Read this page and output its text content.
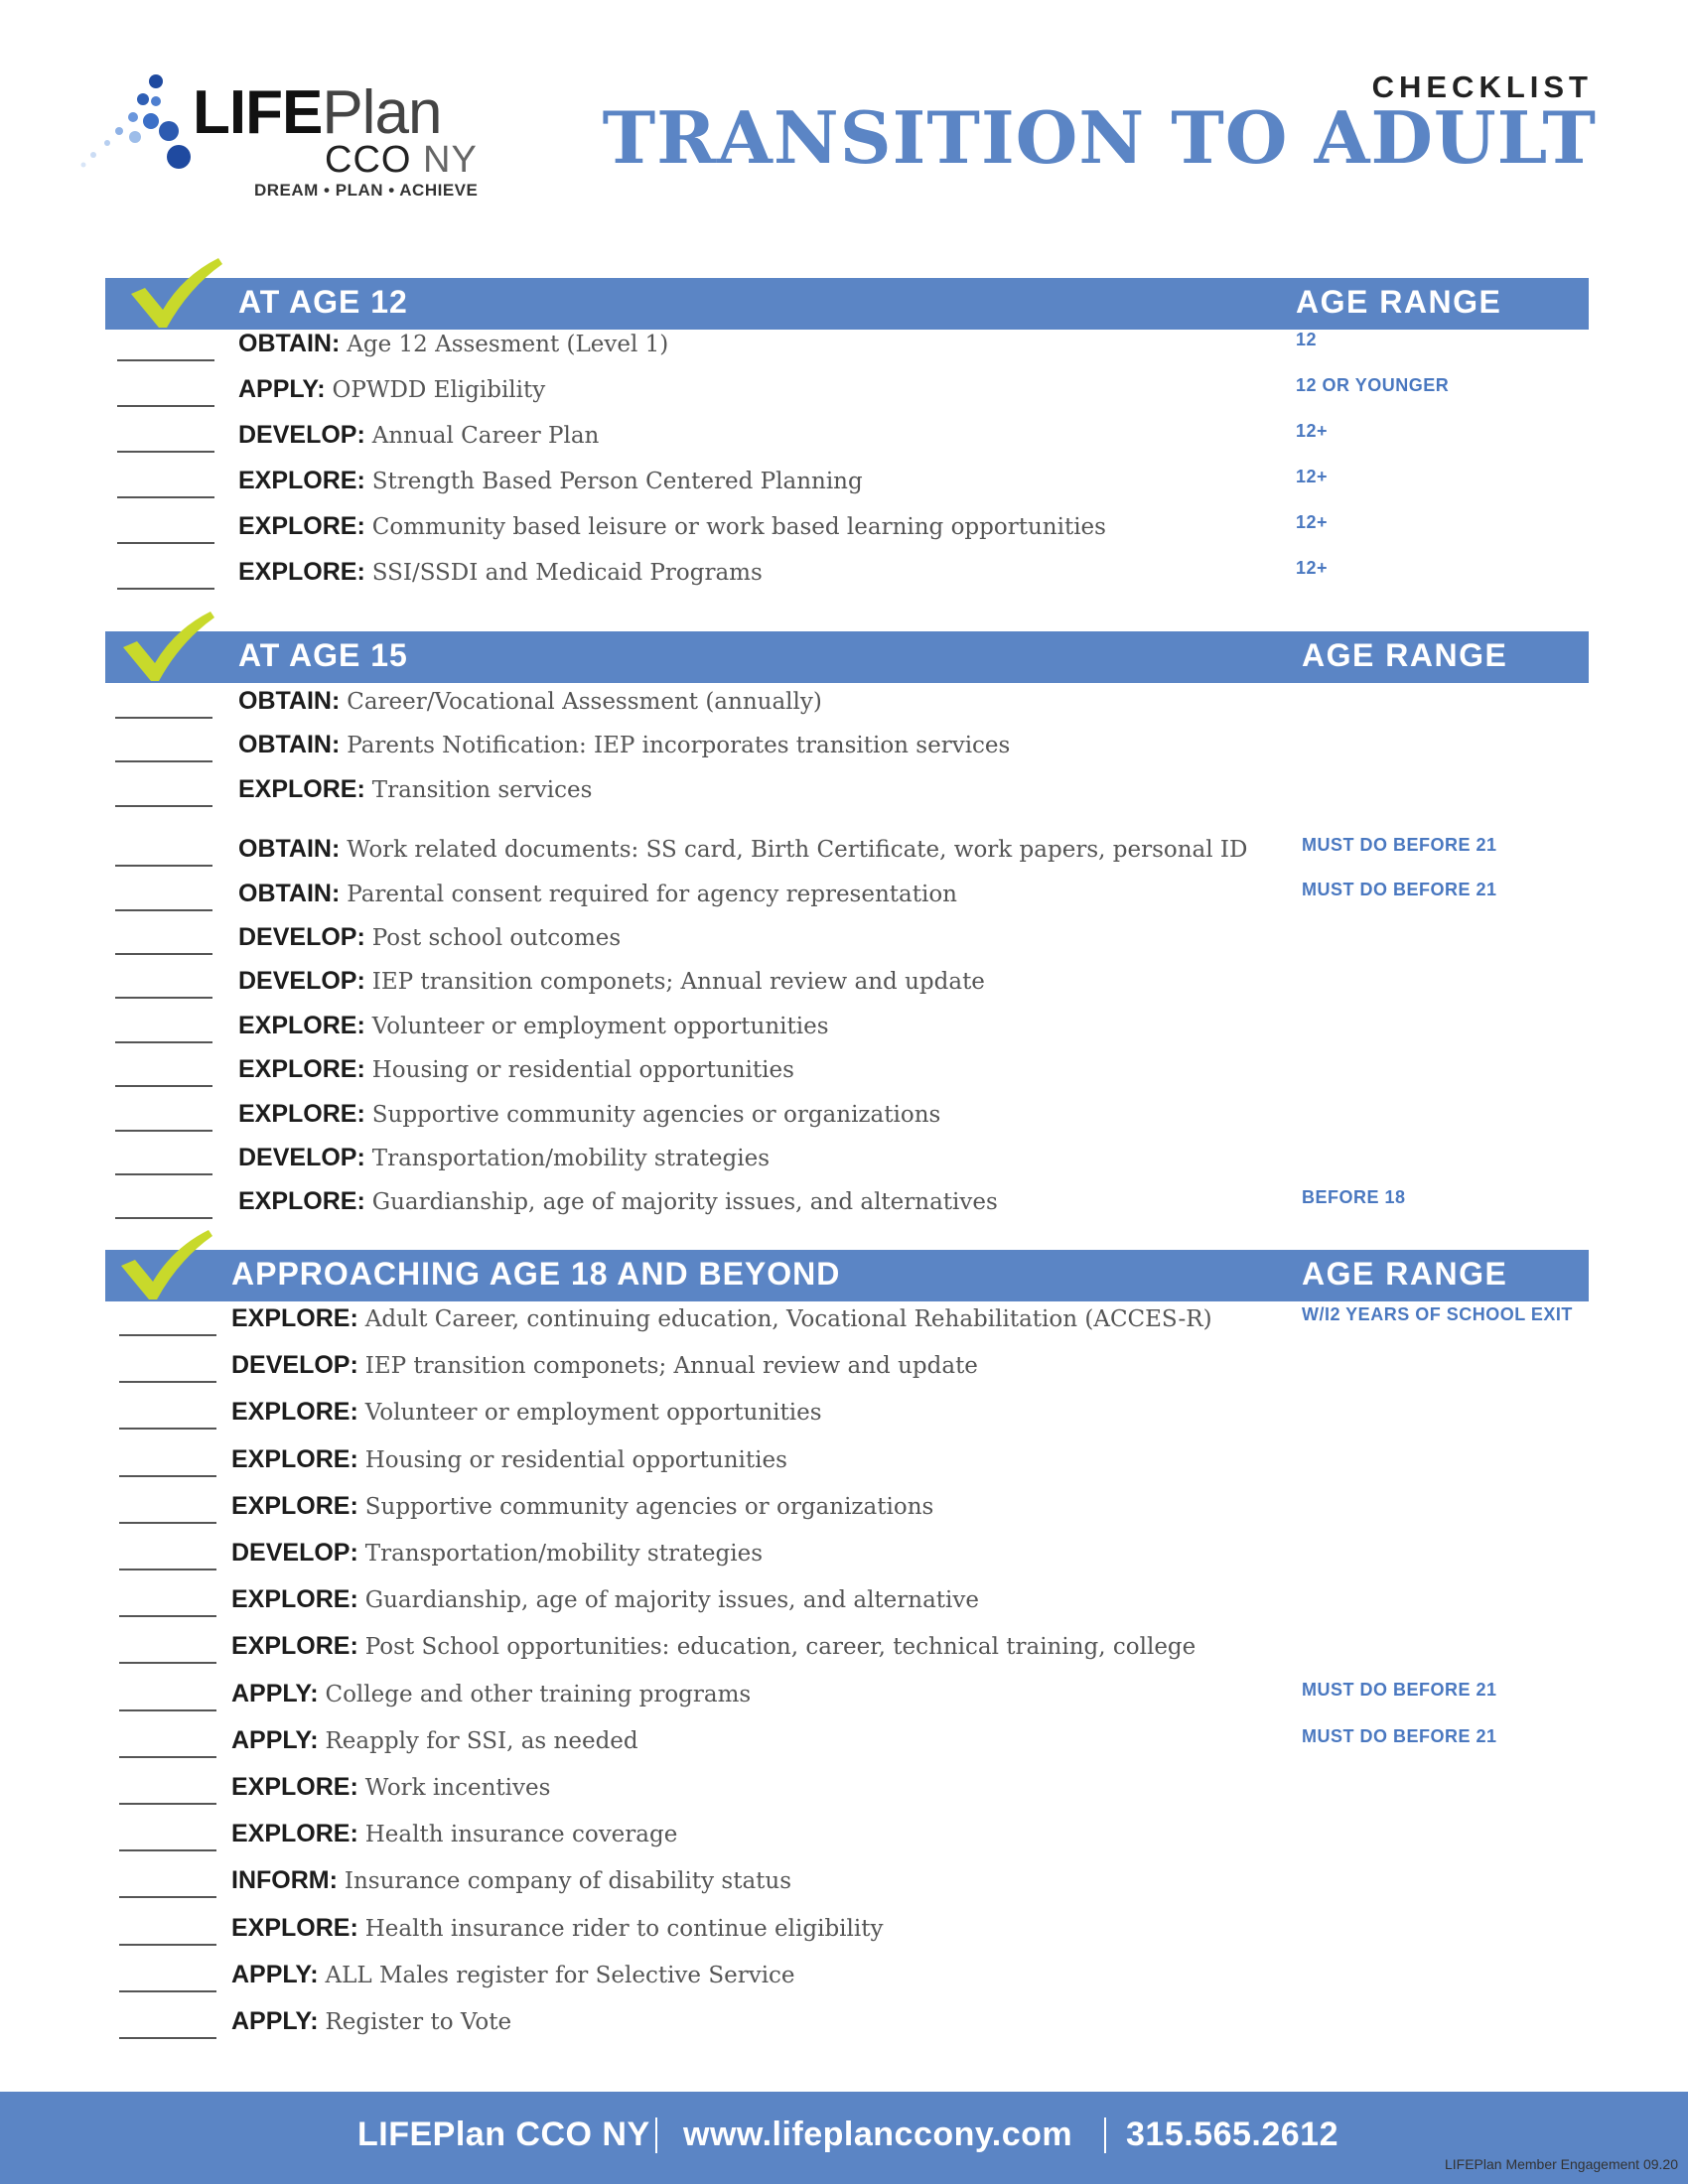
LIFEPlan
CCO NY
DREAM • PLAN • ACHIEVE
CHECKLIST
TRANSITION TO ADULT
AT AGE 12	AGE RANGE
OBTAIN: Age 12 Assesment (Level 1)	12
APPLY: OPWDD Eligibility	12 OR YOUNGER
DEVELOP: Annual Career Plan	12+
EXPLORE: Strength Based Person Centered Planning	12+
EXPLORE: Community based leisure or work based learning opportunities	12+
EXPLORE: SSI/SSDI and Medicaid Programs	12+
AT AGE 15	AGE RANGE
OBTAIN: Career/Vocational Assessment (annually)
OBTAIN: Parents Notification: IEP incorporates transition services
EXPLORE: Transition services
OBTAIN: Work related documents: SS card, Birth Certificate, work papers, personal ID	MUST DO BEFORE 21
OBTAIN: Parental consent required for agency representation	MUST DO BEFORE 21
DEVELOP: Post school outcomes
DEVELOP: IEP transition componets; Annual review and update
EXPLORE: Volunteer or employment opportunities
EXPLORE: Housing or residential opportunities
EXPLORE: Supportive community agencies or organizations
DEVELOP: Transportation/mobility strategies
EXPLORE: Guardianship, age of majority issues, and alternatives	BEFORE 18
APPROACHING AGE 18 AND BEYOND	AGE RANGE
EXPLORE: Adult Career, continuing education, Vocational Rehabilitation (ACCES-R)	W/I2 YEARS OF SCHOOL EXIT
DEVELOP: IEP transition componets; Annual review and update
EXPLORE: Volunteer or employment opportunities
EXPLORE: Housing or residential opportunities
EXPLORE: Supportive community agencies or organizations
DEVELOP: Transportation/mobility strategies
EXPLORE: Guardianship, age of majority issues, and alternative
EXPLORE: Post School opportunities: education, career, technical training, college
APPLY: College and other training programs	MUST DO BEFORE 21
APPLY: Reapply for SSI, as needed	MUST DO BEFORE 21
EXPLORE: Work incentives
EXPLORE: Health insurance coverage
INFORM: Insurance company of disability status
EXPLORE: Health insurance rider to continue eligibility
APPLY: ALL Males register for Selective Service
APPLY: Register to Vote
LIFEPlan CCO NY www.lifeplanccony.com 315.565.2612
LIFEPlan Member Engagement 09.20
